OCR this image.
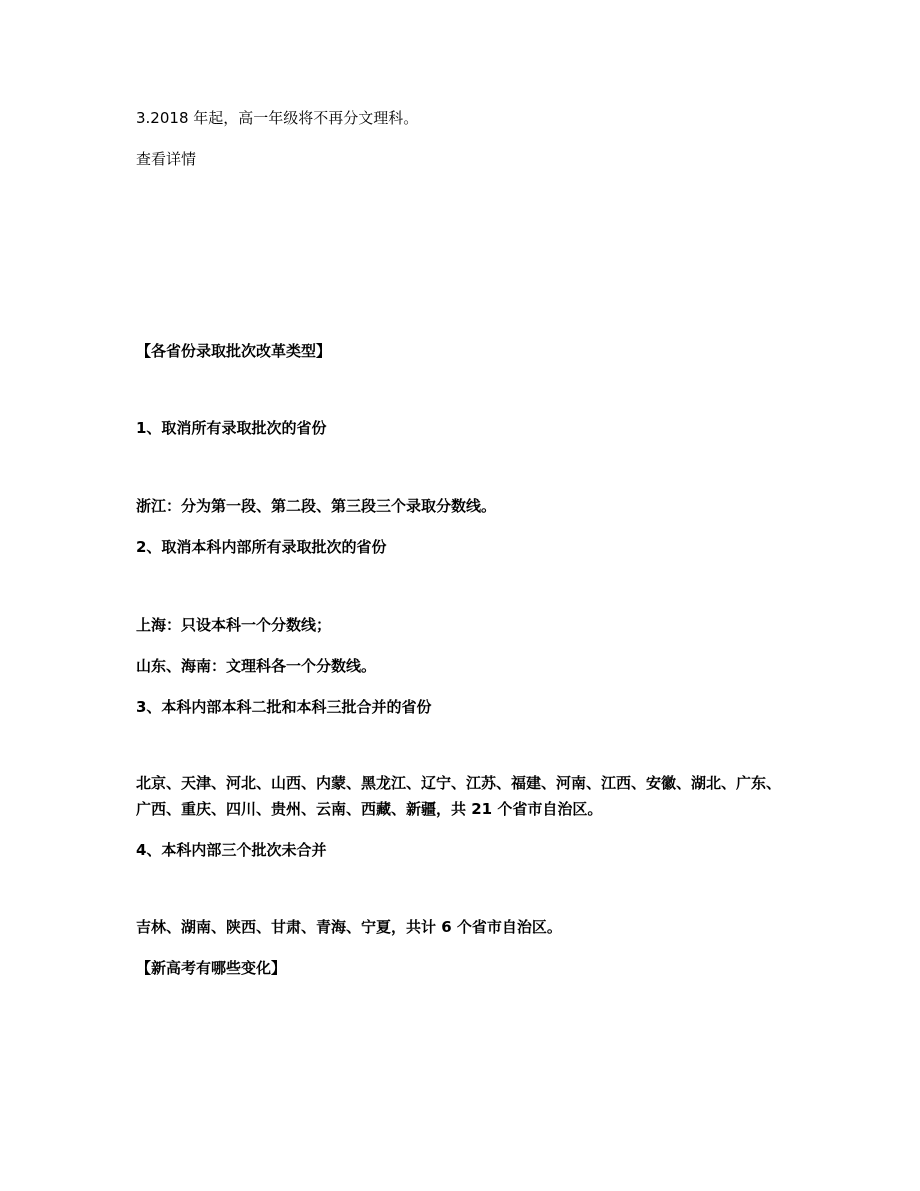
3.2018 年起，高一年级将不再分文理科。

查看详情

【各省份录取批次改革类型】

1、取消所有录取批次的省份

浙江：分为第一段、第二段、第三段三个录取分数线。

2、取消本科内部所有录取批次的省份

上海：只设本科一个分数线；

山东、海南：文理科各一个分数线。

3、本科内部本科二批和本科三批合并的省份

北京、天津、河北、山西、内蒙、黑龙江、辽宁、江苏、福建、河南、江西、安徽、湖北、广东、

广西、重庆、四川、贵州、云南、西藏、新疆，共 21 个省市自治区。

4、本科内部三个批次未合并

吉林、湖南、陕西、甘肃、青海、宁夏，共计 6 个省市自治区。

【新高考有哪些变化】
